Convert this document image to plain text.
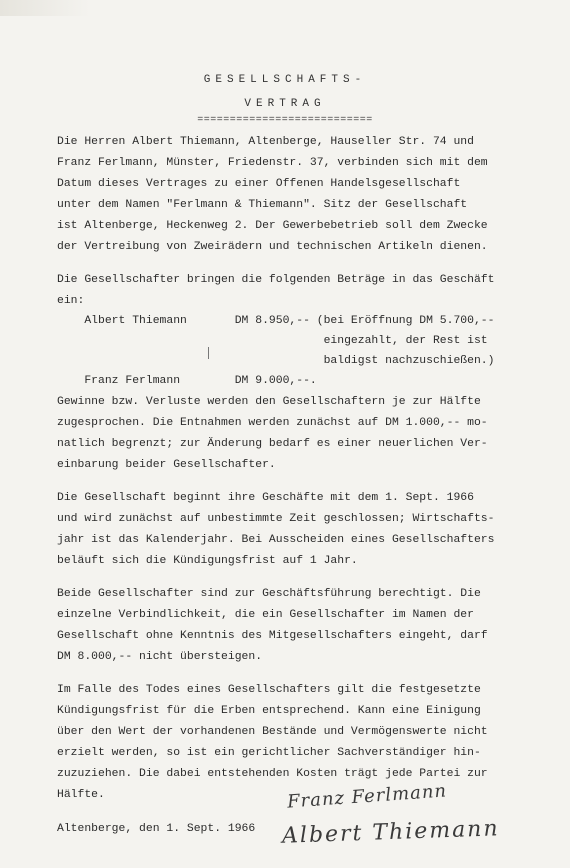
GESELLSCHAFTS-
VERTRAG
===========================
Die Herren Albert Thiemann, Altenberge, Hauseller Str. 74 und
Franz Ferlmann, Münster, Friedenstr. 37, verbinden sich mit dem
Datum dieses Vertrages zu einer Offenen Handelsgesellschaft
unter dem Namen "Ferlmann & Thiemann". Sitz der Gesellschaft
ist Altenberge, Heckenweg 2. Der Gewerbebetrieb soll dem Zwecke
der Vertreibung von Zweirädern und technischen Artikeln dienen.
Die Gesellschafter bringen die folgenden Beträge in das Geschäft
ein:
Albert Thiemann       DM 8.950,-- (bei Eröffnung DM 5.700,--
eingezahlt, der Rest ist
baldigst nachzuschießen.)
Franz Ferlmann        DM 9.000,--.
Gewinne bzw. Verluste werden den Gesellschaftern je zur Hälfte
zugesprochen. Die Entnahmen werden zunächst auf DM 1.000,-- mo-
natlich begrenzt; zur Änderung bedarf es einer neuerlichen Ver-
einbarung beider Gesellschafter.
Die Gesellschaft beginnt ihre Geschäfte mit dem 1. Sept. 1966
und wird zunächst auf unbestimmte Zeit geschlossen; Wirtschafts-
jahr ist das Kalenderjahr. Bei Ausscheiden eines Gesellschafters
beläuft sich die Kündigungsfrist auf 1 Jahr.
Beide Gesellschafter sind zur Geschäftsführung berechtigt. Die
einzelne Verbindlichkeit, die ein Gesellschafter im Namen der
Gesellschaft ohne Kenntnis des Mitgesellschafters eingeht, darf
DM 8.000,-- nicht übersteigen.
Im Falle des Todes eines Gesellschafters gilt die festgesetzte
Kündigungsfrist für die Erben entsprechend. Kann eine Einigung
über den Wert der vorhandenen Bestände und Vermögenswerte nicht
erzielt werden, so ist ein gerichtlicher Sachverständiger hin-
zuzuziehen. Die dabei entstehenden Kosten trägt jede Partei zur
Hälfte.
Altenberge, den 1. Sept. 1966
Franz Ferlmann
Albert Thiemann
